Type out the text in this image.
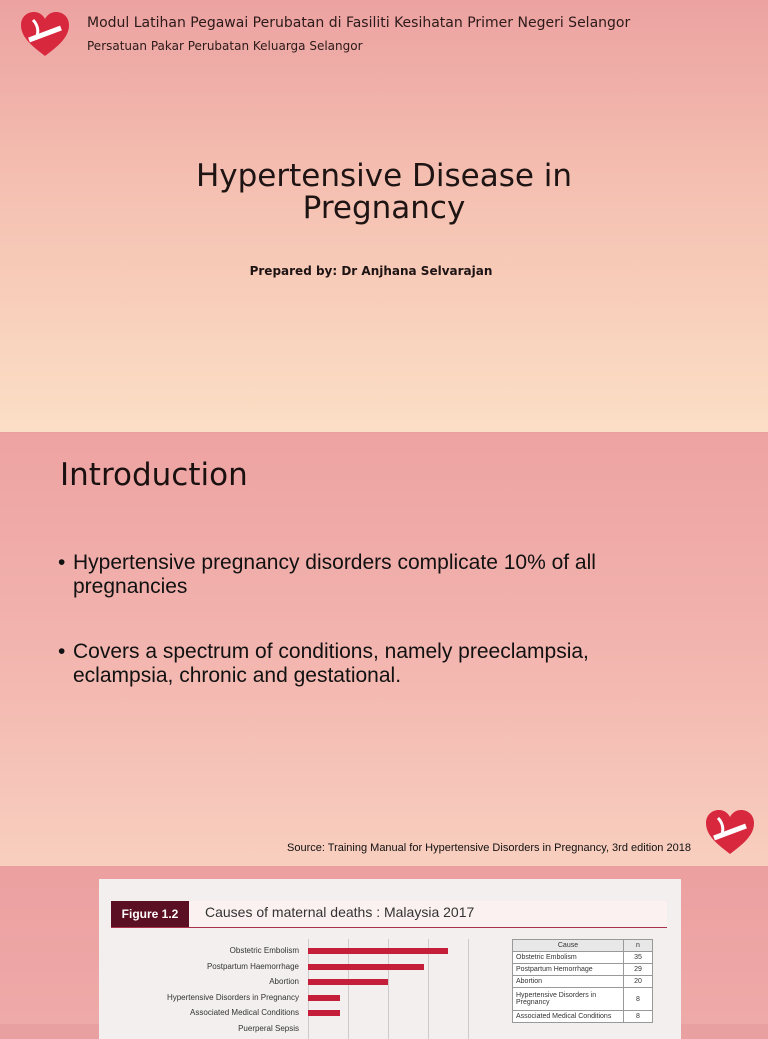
Modul Latihan Pegawai Perubatan di Fasiliti Kesihatan Primer Negeri Selangor
Persatuan Pakar Perubatan Keluarga Selangor
Hypertensive Disease in
Pregnancy
Prepared by: Dr Anjhana Selvarajan
Introduction
• Hypertensive pregnancy disorders complicate 10% of all pregnancies
• Covers a spectrum of conditions, namely preeclampsia, eclampsia, chronic and gestational.
Source: Training Manual for Hypertensive Disorders in Pregnancy, 3rd edition 2018
Figure 1.2	Causes of maternal deaths : Malaysia 2017
Obstetric Embolism
Postpartum Haemorrhage
Abortion
Hypertensive Disorders in Pregnancy
Associated Medical Conditions
Puerperal Sepsis
Cause	n
Obstetric Embolism	35
Postpartum Hemorrhage	29
Abortion	20
Hypertensive Disorders in Pregnancy	8
Associated Medical Conditions	8
